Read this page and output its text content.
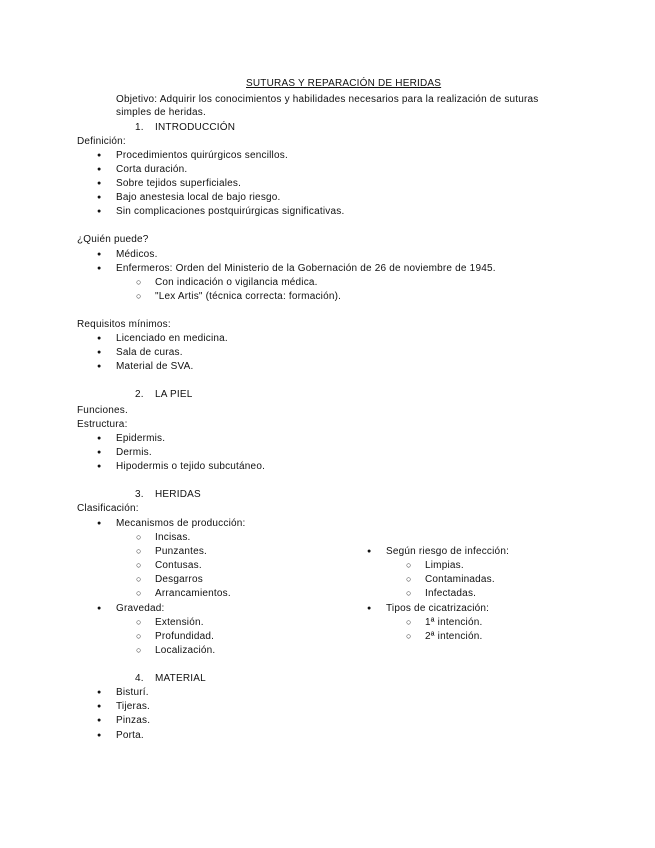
SUTURAS Y REPARACIÓN DE HERIDAS
Objetivo: Adquirir los conocimientos y habilidades necesarios para la realización de suturas
simples de heridas.
1. INTRODUCCIÓN
Definición:
● Procedimientos quirúrgicos sencillos.
● Corta duración.
● Sobre tejidos superficiales.
● Bajo anestesia local de bajo riesgo.
● Sin complicaciones postquirúrgicas significativas.
¿Quién puede?
● Médicos.
● Enfermeros: Orden del Ministerio de la Gobernación de 26 de noviembre de 1945.
○ Con indicación o vigilancia médica.
○ "Lex Artis" (técnica correcta: formación).
Requisitos mínimos:
● Licenciado en medicina.
● Sala de curas.
● Material de SVA.
2. LA PIEL
Funciones.
Estructura:
● Epidermis.
● Dermis.
● Hipodermis o tejido subcutáneo.
3. HERIDAS
Clasificación:
● Mecanismos de producción:
○ Incisas.
○ Punzantes.
○ Contusas.
○ Desgarros
○ Arrancamientos.
● Gravedad:
○ Extensión.
○ Profundidad.
○ Localización.
● Según riesgo de infección:
○ Limpias.
○ Contaminadas.
○ Infectadas.
● Tipos de cicatrización:
○ 1ª intención.
○ 2ª intención.
4. MATERIAL
● Bisturí.
● Tijeras.
● Pinzas.
● Porta.
